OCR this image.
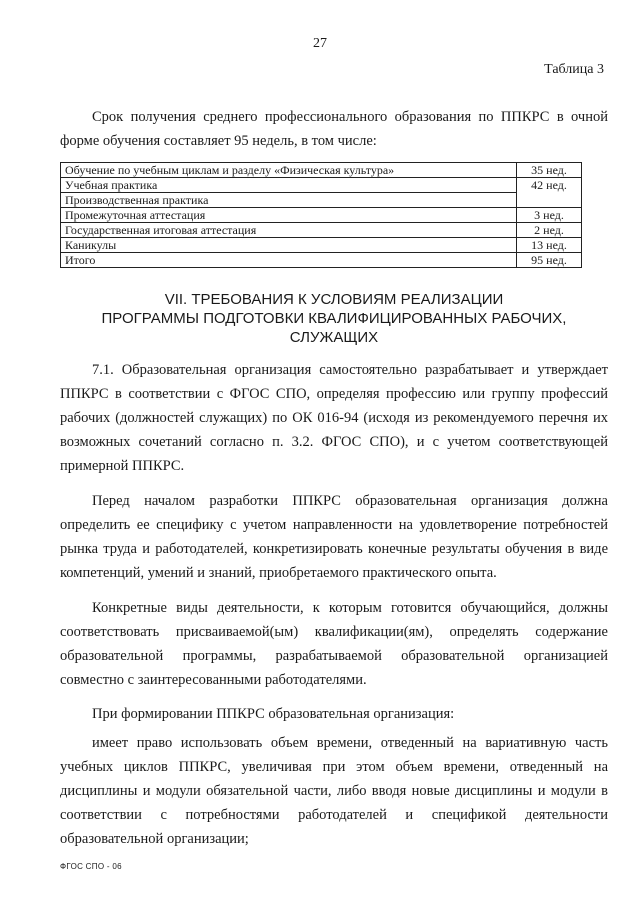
27
Таблица 3
Срок получения среднего профессионального образования по ППКРС в очной форме обучения составляет 95 недель, в том числе:
Обучение по учебным циклам и разделу «Физическая культура»	35 нед.
Учебная практика	42 нед.
Производственная практика	
Промежуточная аттестация	3 нед.
Государственная итоговая аттестация	2 нед.
Каникулы	13 нед.
Итого	95 нед.
VII. ТРЕБОВАНИЯ К УСЛОВИЯМ РЕАЛИЗАЦИИ
ПРОГРАММЫ ПОДГОТОВКИ КВАЛИФИЦИРОВАННЫХ РАБОЧИХ,
СЛУЖАЩИХ
7.1. Образовательная организация самостоятельно разрабатывает и утверждает ППКРС в соответствии с ФГОС СПО, определяя профессию или группу профессий рабочих (должностей служащих) по ОК 016-94 (исходя из рекомендуемого перечня их возможных сочетаний согласно п. 3.2. ФГОС СПО), и с учетом соответствующей примерной ППКРС.
Перед началом разработки ППКРС образовательная организация должна определить ее специфику с учетом направленности на удовлетворение потребностей рынка труда и работодателей, конкретизировать конечные результаты обучения в виде компетенций, умений и знаний, приобретаемого практического опыта.
Конкретные виды деятельности, к которым готовится обучающийся, должны соответствовать присваиваемой(ым) квалификации(ям), определять содержание образовательной программы, разрабатываемой образовательной организацией совместно с заинтересованными работодателями.
При формировании ППКРС образовательная организация:
имеет право использовать объем времени, отведенный на вариативную часть учебных циклов ППКРС, увеличивая при этом объем времени, отведенный на дисциплины и модули обязательной части, либо вводя новые дисциплины и модули в соответствии с потребностями работодателей и спецификой деятельности образовательной организации;
ФГОС СПО - 06
